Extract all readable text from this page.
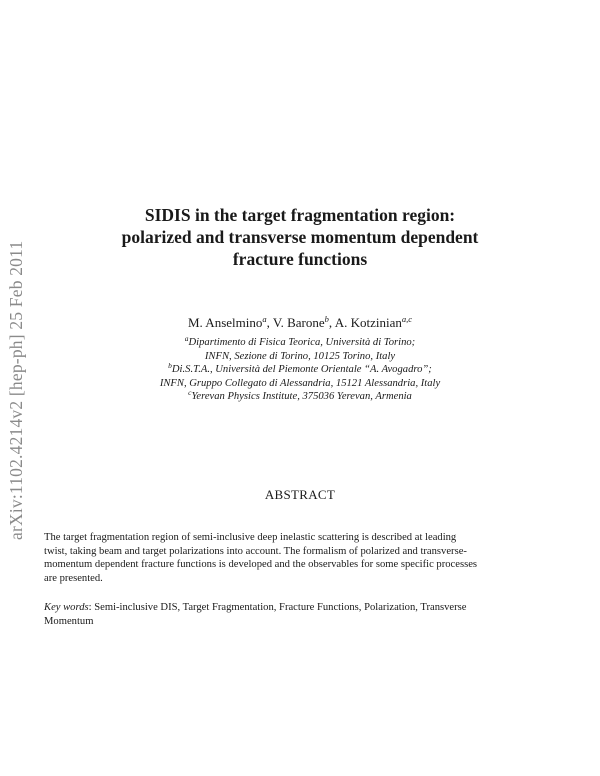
arXiv:1102.4214v2 [hep-ph] 25 Feb 2011
SIDIS in the target fragmentation region:
polarized and transverse momentum dependent
fracture functions
M. Anselmino$^a$, V. Barone$^b$, A. Kotzinian$^{a,c}$
$^a$Dipartimento di Fisica Teorica, Università di Torino;
INFN, Sezione di Torino, 10125 Torino, Italy
$^b$Di.S.T.A., Università del Piemonte Orientale “A. Avogadro”;
INFN, Gruppo Collegato di Alessandria, 15121 Alessandria, Italy
$^c$Yerevan Physics Institute, 375036 Yerevan, Armenia
ABSTRACT
The target fragmentation region of semi-inclusive deep inelastic scattering is described at leading
twist, taking beam and target polarizations into account. The formalism of polarized and transverse-
momentum dependent fracture functions is developed and the observables for some specific processes
are presented.
Key words: Semi-inclusive DIS, Target Fragmentation, Fracture Functions, Polarization, Transverse
Momentum
